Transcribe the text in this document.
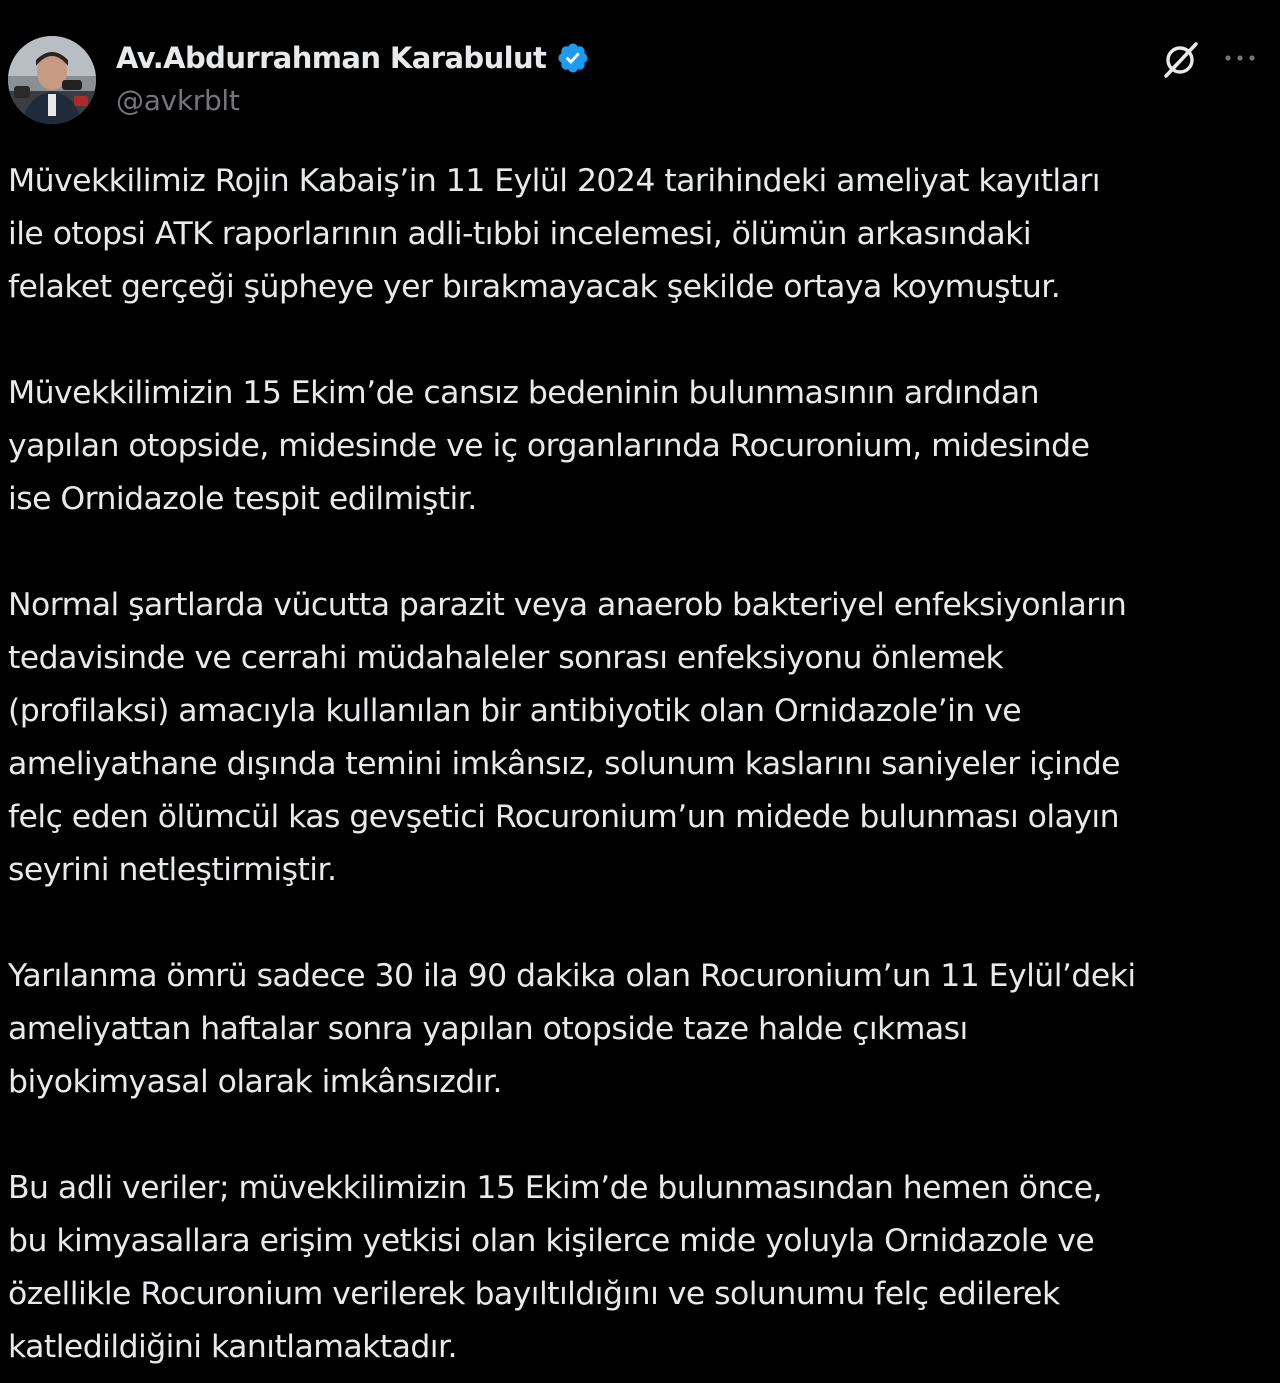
Av.Abdurrahman Karabulut
@avkrblt

Müvekkilimiz Rojin Kabaiş’in 11 Eylül 2024 tarihindeki ameliyat kayıtları
ile otopsi ATK raporlarının adli-tıbbi incelemesi, ölümün arkasındaki
felaket gerçeği şüpheye yer bırakmayacak şekilde ortaya koymuştur.

Müvekkilimizin 15 Ekim’de cansız bedeninin bulunmasının ardından
yapılan otopside, midesinde ve iç organlarında Rocuronium, midesinde
ise Ornidazole tespit edilmiştir.

Normal şartlarda vücutta parazit veya anaerob bakteriyel enfeksiyonların
tedavisinde ve cerrahi müdahaleler sonrası enfeksiyonu önlemek
(profilaksi) amacıyla kullanılan bir antibiyotik olan Ornidazole’in ve
ameliyathane dışında temini imkânsız, solunum kaslarını saniyeler içinde
felç eden ölümcül kas gevşetici Rocuronium’un midede bulunması olayın
seyrini netleştirmiştir.

Yarılanma ömrü sadece 30 ila 90 dakika olan Rocuronium’un 11 Eylül’deki
ameliyattan haftalar sonra yapılan otopside taze halde çıkması
biyokimyasal olarak imkânsızdır.

Bu adli veriler; müvekkilimizin 15 Ekim’de bulunmasından hemen önce,
bu kimyasallara erişim yetkisi olan kişilerce mide yoluyla Ornidazole ve
özellikle Rocuronium verilerek bayıltıldığını ve solunumu felç edilerek
katledildiğini kanıtlamaktadır.
